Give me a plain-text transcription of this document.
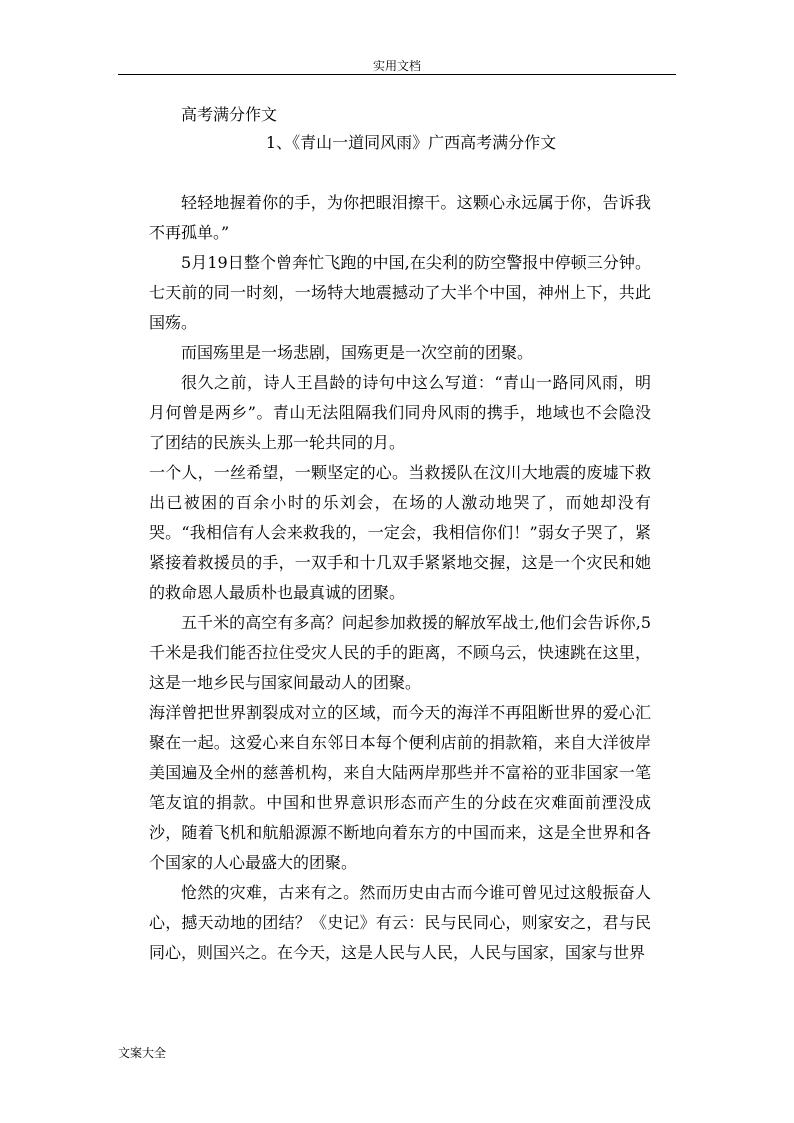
实用文档
高考满分作文
1、《青山一道同风雨》广西高考满分作文

轻轻地握着你的手，为你把眼泪擦干。这颗心永远属于你，告诉我不再孤单。”

5月19日整个曾奔忙飞跑的中国,在尖利的防空警报中停顿三分钟。七天前的同一时刻，一场特大地震撼动了大半个中国，神州上下，共此国殇。

而国殇里是一场悲剧，国殇更是一次空前的团聚。

很久之前，诗人王昌龄的诗句中这么写道：“青山一路同风雨，明月何曾是两乡”。青山无法阻隔我们同舟风雨的携手，地域也不会隐没了团结的民族头上那一轮共同的月。

一个人，一丝希望，一颗坚定的心。当救援队在汶川大地震的废墟下救出已被困的百余小时的乐刘会，在场的人激动地哭了，而她却没有哭。“我相信有人会来救我的，一定会，我相信你们！”弱女子哭了，紧紧接着救援员的手，一双手和十几双手紧紧地交握，这是一个灾民和她的救命恩人最质朴也最真诚的团聚。

五千米的高空有多高？问起参加救援的解放军战士,他们会告诉你,5千米是我们能否拉住受灾人民的手的距离，不顾乌云，快速跳在这里，这是一地乡民与国家间最动人的团聚。

海洋曾把世界割裂成对立的区域，而今天的海洋不再阻断世界的爱心汇聚在一起。这爱心来自东邻日本每个便利店前的捐款箱，来自大洋彼岸美国遍及全州的慈善机构，来自大陆两岸那些并不富裕的亚非国家一笔笔友谊的捐款。中国和世界意识形态而产生的分歧在灾难面前湮没成沙，随着飞机和航船源源不断地向着东方的中国而来，这是全世界和各个国家的人心最盛大的团聚。

怆然的灾难，古来有之。然而历史由古而今谁可曾见过这般振奋人心，撼天动地的团结？《史记》有云：民与民同心，则家安之，君与民同心，则国兴之。在今天，这是人民与人民，人民与国家，国家与世界

文案大全
